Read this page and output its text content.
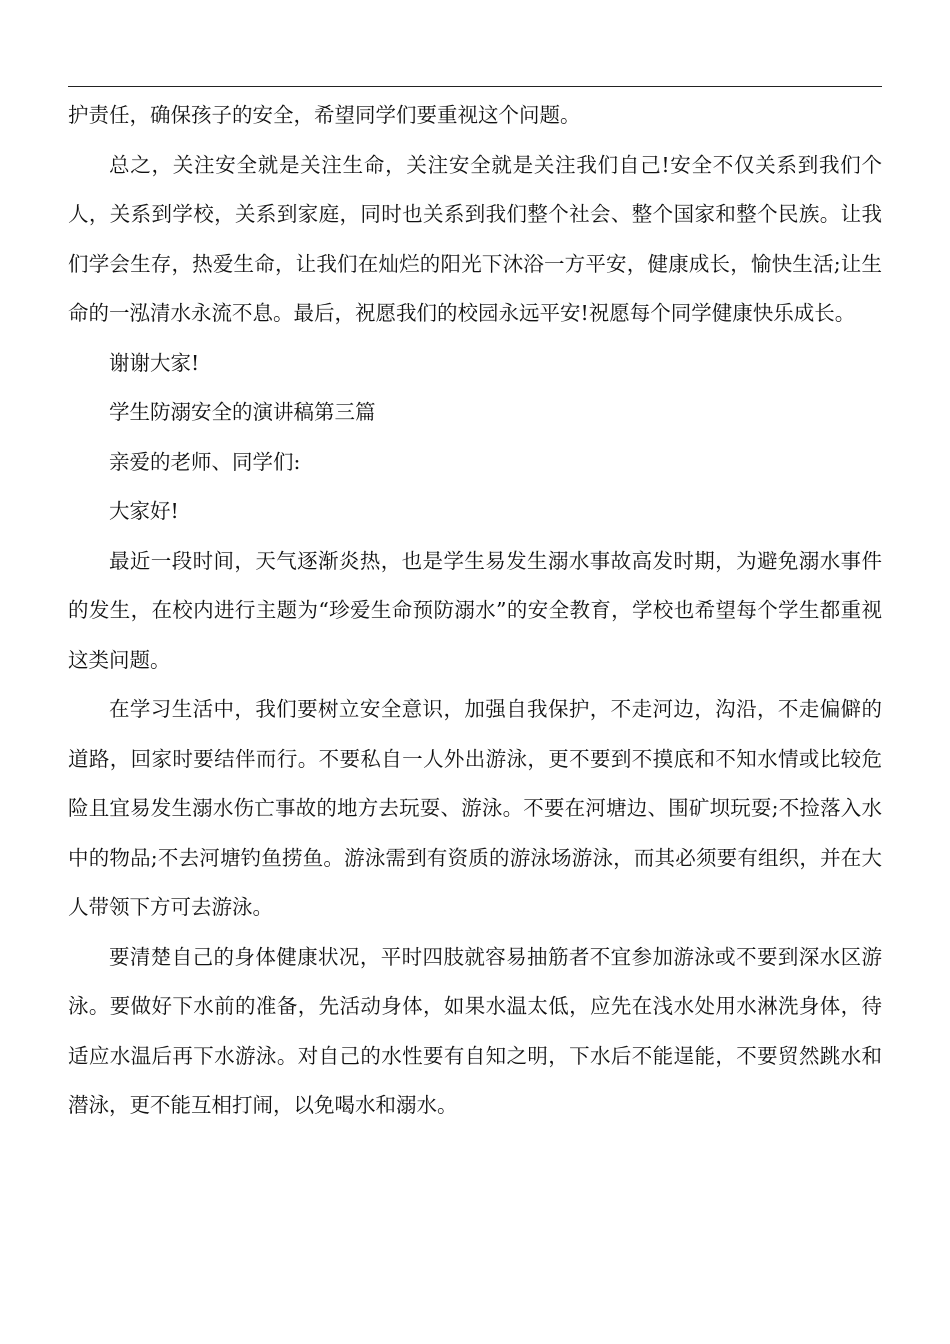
护责任，确保孩子的安全，希望同学们要重视这个问题。

总之，关注安全就是关注生命，关注安全就是关注我们自己!安全不仅关系到我们个人，关系到学校，关系到家庭，同时也关系到我们整个社会、整个国家和整个民族。让我们学会生存，热爱生命，让我们在灿烂的阳光下沐浴一方平安，健康成长，愉快生活;让生命的一泓清水永流不息。最后，祝愿我们的校园永远平安!祝愿每个同学健康快乐成长。

谢谢大家!

学生防溺安全的演讲稿第三篇

亲爱的老师、同学们:

大家好!

最近一段时间，天气逐渐炎热，也是学生易发生溺水事故高发时期，为避免溺水事件的发生，在校内进行主题为“珍爱生命预防溺水”的安全教育，学校也希望每个学生都重视这类问题。

在学习生活中，我们要树立安全意识，加强自我保护，不走河边，沟沿，不走偏僻的道路，回家时要结伴而行。不要私自一人外出游泳，更不要到不摸底和不知水情或比较危险且宜易发生溺水伤亡事故的地方去玩耍、游泳。不要在河塘边、围矿坝玩耍;不捡落入水中的物品;不去河塘钓鱼捞鱼。游泳需到有资质的游泳场游泳，而其必须要有组织，并在大人带领下方可去游泳。

要清楚自己的身体健康状况，平时四肢就容易抽筋者不宜参加游泳或不要到深水区游泳。要做好下水前的准备，先活动身体，如果水温太低，应先在浅水处用水淋洗身体，待适应水温后再下水游泳。对自己的水性要有自知之明，下水后不能逞能，不要贸然跳水和潜泳，更不能互相打闹，以免喝水和溺水。
